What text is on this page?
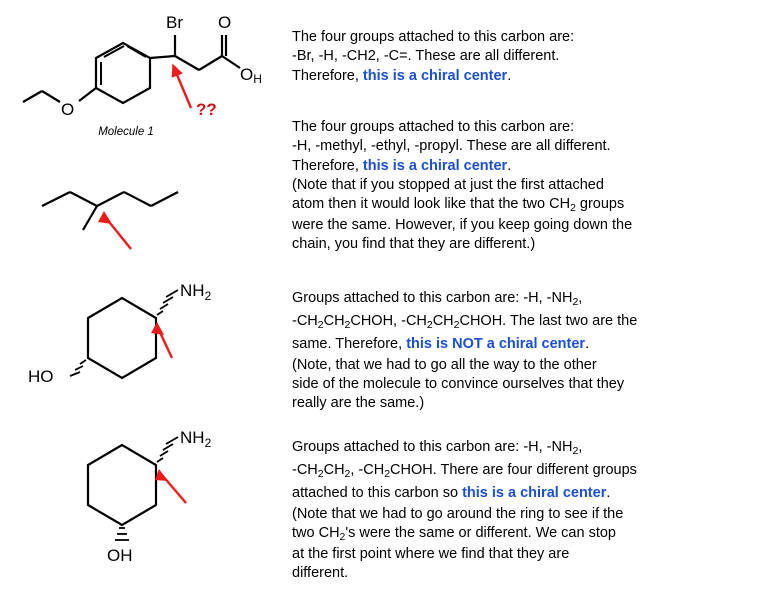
O
Br O
OH
Molecule 1
??

The four groups attached to this carbon are:

-Br, -H, -CH2, -C=. These are all different.

Therefore, this is a chiral center.

The four groups attached to this carbon are:

-H, -methyl, -ethyl, -propyl. These are all different.

Therefore, this is a chiral center.

(Note that if you stopped at just the first attached

atom then it would look like that the two $CH_2$ groups

were the same. However, if you keep going down the

chain, you find that they are different.)

$NH_2$
HO

Groups attached to this carbon are: -H, $-NH_2$,

$-CH_2CH_2CHOH$, $-CH_2CH_2CHOH$. The last two are the

same. Therefore, this is NOT a chiral center.

(Note, that we had to go all the way to the other

side of the molecule to convince ourselves that they

really are the same.)

$NH_2$
OH

Groups attached to this carbon are: -H, $-NH_2$,

$-CH_2CH_2$, $-CH_2CHOH$. There are four different groups

attached to this carbon so this is a chiral center.

(Note that we had to go around the ring to see if the

two $CH_2's$ were the same or different. We can stop

at the first point where we find that they are

different.
